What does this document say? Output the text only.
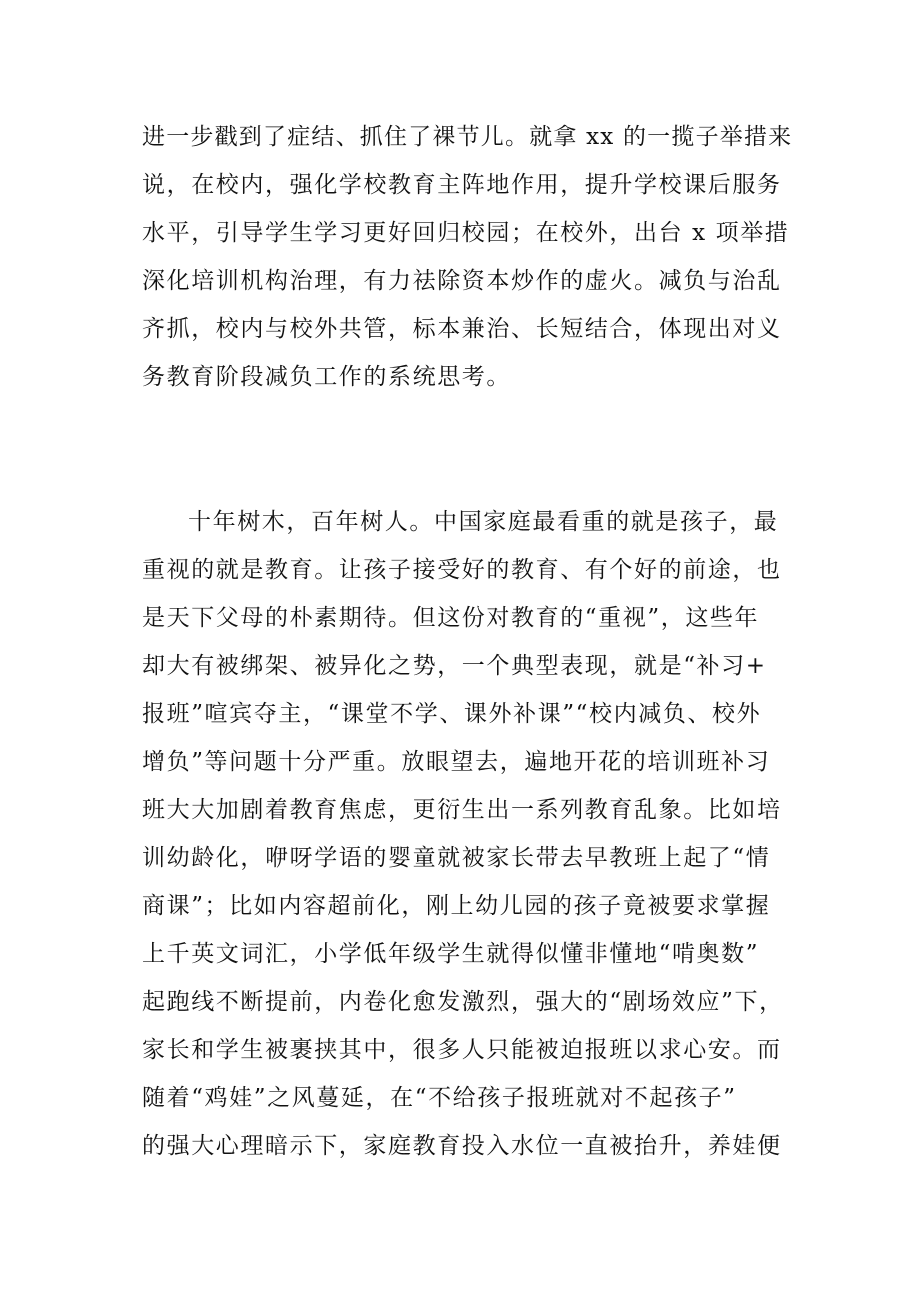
进一步戳到了症结、抓住了祼节儿。就拿 xx 的一揽子举措来
说，在校内，强化学校教育主阵地作用，提升学校课后服务
水平，引导学生学习更好回归校园；在校外，出台 x 项举措
深化培训机构治理，有力祛除资本炒作的虚火。减负与治乱
齐抓，校内与校外共管，标本兼治、长短结合，体现出对义
务教育阶段减负工作的系统思考。
十年树木，百年树人。中国家庭最看重的就是孩子，最
重视的就是教育。让孩子接受好的教育、有个好的前途，也
是天下父母的朴素期待。但这份对教育的“重视”，这些年
却大有被绑架、被异化之势，一个典型表现，就是“补习+
报班”喧宾夺主，“课堂不学、课外补课”“校内减负、校外
增负”等问题十分严重。放眼望去，遍地开花的培训班补习
班大大加剧着教育焦虑，更衍生出一系列教育乱象。比如培
训幼龄化，咿呀学语的婴童就被家长带去早教班上起了“情
商课”；比如内容超前化，刚上幼儿园的孩子竟被要求掌握
上千英文词汇，小学低年级学生就得似懂非懂地“啃奥数”
起跑线不断提前，内卷化愈发激烈，强大的“剧场效应”下，
家长和学生被裹挟其中，很多人只能被迫报班以求心安。而
随着“鸡娃”之风蔓延，在“不给孩子报班就对不起孩子”
的强大心理暗示下，家庭教育投入水位一直被抬升，养娃便
